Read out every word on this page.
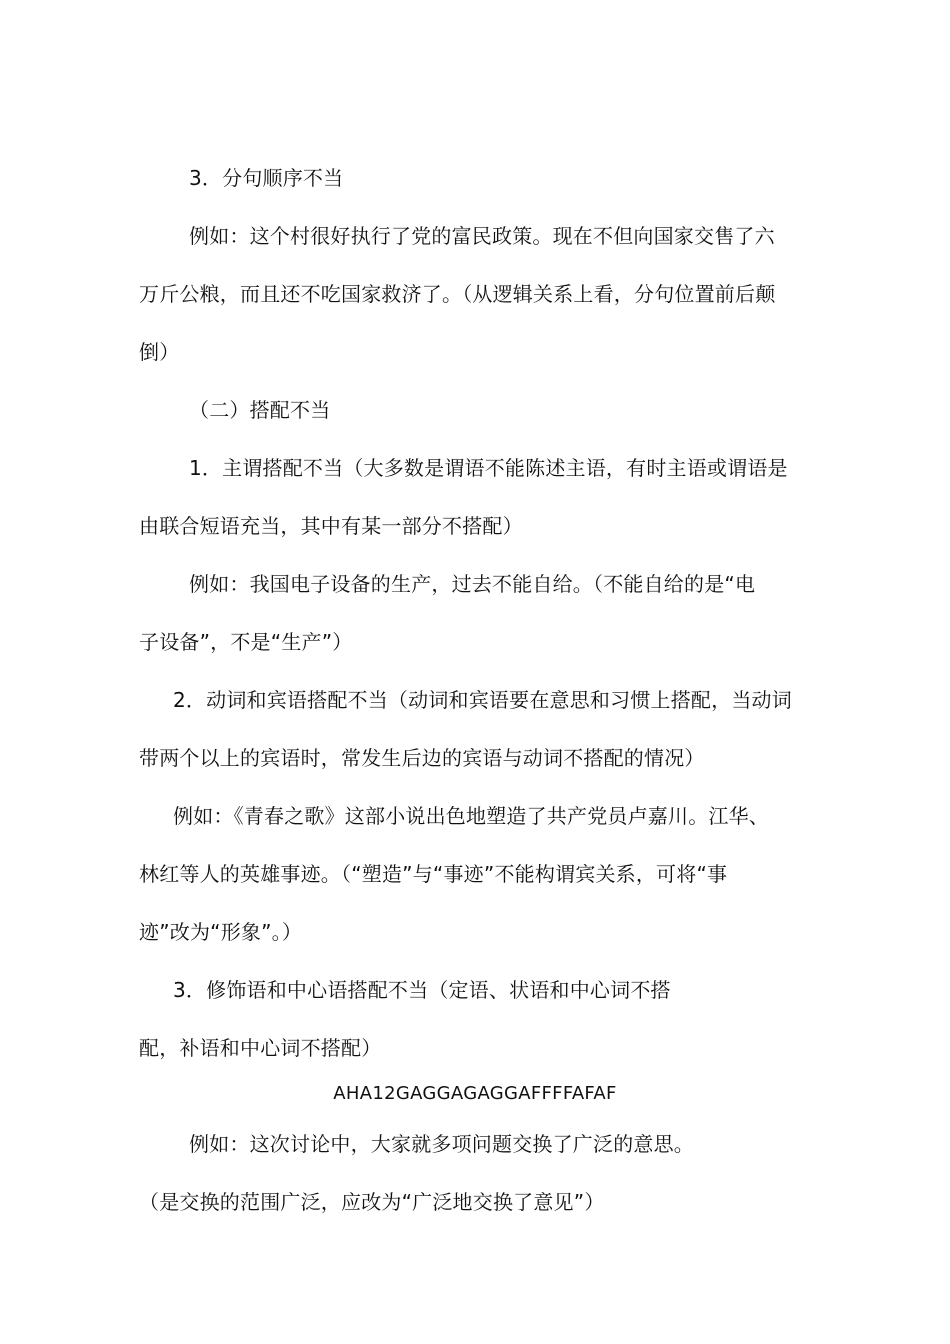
3．分句顺序不当
例如：这个村很好执行了党的富民政策。现在不但向国家交售了六
万斤公粮，而且还不吃国家救济了。（从逻辑关系上看，分句位置前后颠
倒）
（二）搭配不当
1．主谓搭配不当（大多数是谓语不能陈述主语，有时主语或谓语是
由联合短语充当，其中有某一部分不搭配）
例如：我国电子设备的生产，过去不能自给。（不能自给的是“电
子设备”，不是“生产”）
2．动词和宾语搭配不当（动词和宾语要在意思和习惯上搭配，当动词
带两个以上的宾语时，常发生后边的宾语与动词不搭配的情况）
例如：《青春之歌》这部小说出色地塑造了共产党员卢嘉川。江华、
林红等人的英雄事迹。（“塑造”与“事迹”不能构谓宾关系，可将“事
迹”改为“形象”。）
3．修饰语和中心语搭配不当（定语、状语和中心词不搭
配，补语和中心词不搭配）
AHA12GAGGAGAGGAFFFFAFAF
例如：这次讨论中，大家就多项问题交换了广泛的意思。
（是交换的范围广泛，应改为“广泛地交换了意见”）
